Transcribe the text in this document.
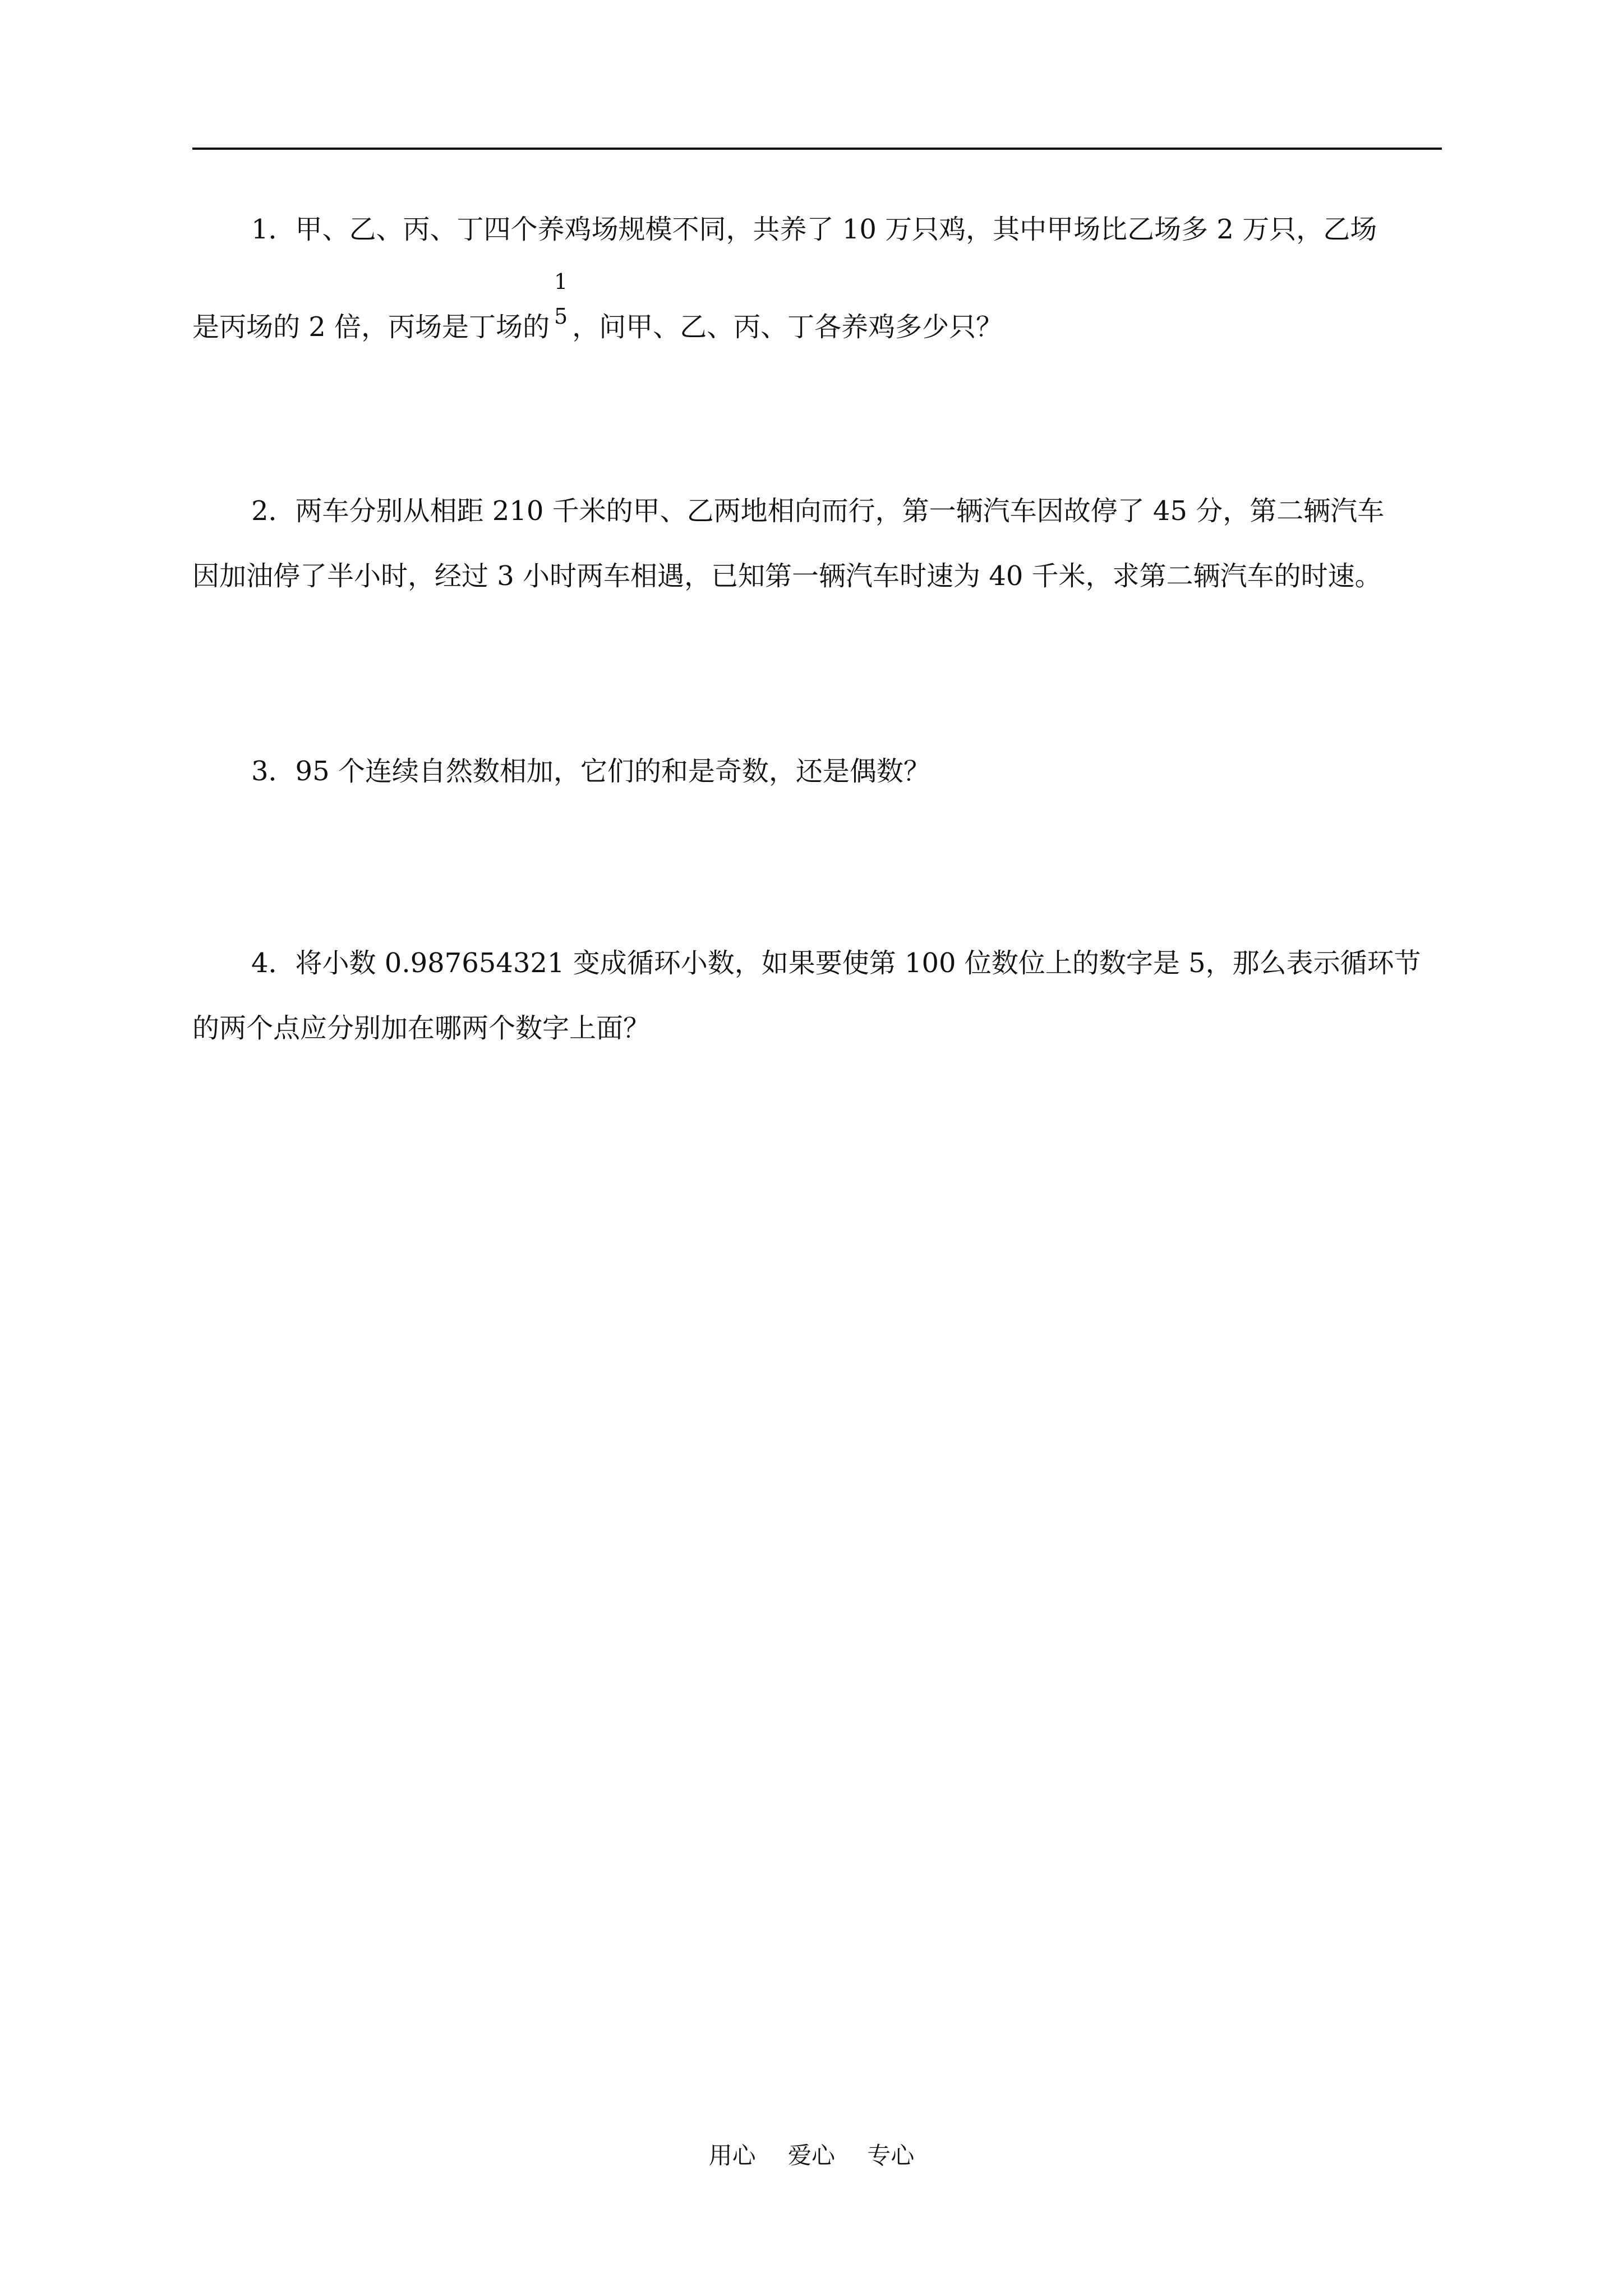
1．甲、乙、丙、丁四个养鸡场规模不同，共养了 10 万只鸡，其中甲场比乙场多 2 万只，乙场
是丙场的 2 倍，丙场是丁场的
1
5 ，问甲、乙、丙、丁各养鸡多少只？
2．两车分别从相距 210 千米的甲、乙两地相向而行，第一辆汽车因故停了 45 分，第二辆汽车
因加油停了半小时，经过 3 小时两车相遇，已知第一辆汽车时速为 40 千米，求第二辆汽车的时速。
3．95 个连续自然数相加，它们的和是奇数，还是偶数？
4．将小数 0.987654321 变成循环小数，如果要使第 100 位数位上的数字是 5，那么表示循环节
的两个点应分别加在哪两个数字上面？
用心 爱心 专心
